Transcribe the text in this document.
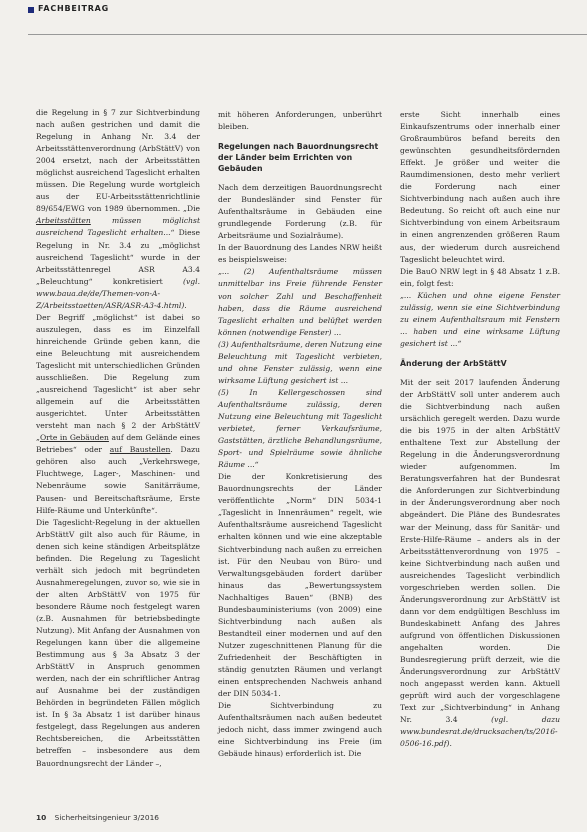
FACHBEITRAG

die Regelung in § 7 zur Sichtverbindung nach außen gestrichen und damit die Regelung in Anhang Nr. 3.4 der Arbeitsstättenverordnung (ArbStättV) von 2004 ersetzt, nach der Arbeitsstätten möglichst ausreichend Tageslicht erhalten müssen. Die Regelung wurde wortgleich aus der EU-Arbeitsstättenrichtlinie 89/654/EWG von 1989 übernommen. „Die Arbeitsstätten müssen möglichst ausreichend Tageslicht erhalten...“ Diese Regelung in Nr. 3.4 zu „möglichst ausreichend Tageslicht“ wurde in der Arbeitsstättenregel ASR A3.4 „Beleuchtung“ konkretisiert (vgl. www.baua.de/de/Themen-von-A-Z/Arbeitsstaetten/ASR/ASR-A3-4.html). Der Begriff „möglichst“ ist dabei so auszulegen, dass es im Einzelfall hinreichende Gründe geben kann, die eine Beleuchtung mit ausreichendem Tageslicht mit unterschiedlichen Gründen ausschließen. Die Regelung zum „ausreichend Tageslicht“ ist aber sehr allgemein auf die Arbeitsstätten ausgerichtet. Unter Arbeitsstätten versteht man nach § 2 der ArbStättV „Orte in Gebäuden auf dem Gelände eines Betriebes“ oder auf Baustellen. Dazu gehören also auch „Verkehrswege, Fluchtwege, Lager-, Maschinen- und Nebenräume sowie Sanitärräume, Pausen- und Bereitschaftsräume, Erste Hilfe-Räume und Unterkünfte“.

Die Tageslicht-Regelung in der aktuellen ArbStättV gilt also auch für Räume, in denen sich keine ständigen Arbeitsplätze befinden. Die Regelung zu Tageslicht verhält sich jedoch mit begründeten Ausnahmeregelungen, zuvor so, wie sie in der alten ArbStättV von 1975 für besondere Räume noch festgelegt waren (z.B. Ausnahmen für betriebsbedingte Nutzung). Mit Anfang der Ausnahmen von Regelungen kann über die allgemeine Bestimmung aus § 3a Absatz 3 der ArbStättV in Anspruch genommen werden, nach der ein schriftlicher Antrag auf Ausnahme bei der zuständigen Behörden in begründeten Fällen möglich ist. In § 3a Absatz 1 ist darüber hinaus festgelegt, dass Regelungen aus anderen Rechtsbereichen, die Arbeitsstätten betreffen – insbesondere aus dem Bauordnungsrecht der Länder –,

mit höheren Anforderungen, unberührt bleiben.

Regelungen nach Bauordnungsrecht der Länder beim Errichten von Gebäuden

Nach dem derzeitigen Bauordnungsrecht der Bundesländer sind Fenster für Aufenthaltsräume in Gebäuden eine grundlegende Forderung (z.B. für Arbeitsräume und Sozialräume).

In der Bauordnung des Landes NRW heißt es beispielsweise:

„... (2) Aufenthaltsräume müssen unmittelbar ins Freie führende Fenster von solcher Zahl und Beschaffenheit haben, dass die Räume ausreichend Tageslicht erhalten und belüftet werden können (notwendige Fenster) ...

(3) Aufenthaltsräume, deren Nutzung eine Beleuchtung mit Tageslicht verbieten, und ohne Fenster zulässig, wenn eine wirksame Lüftung gesichert ist ...

(5) In Kellergeschossen sind Aufenthaltsräume zulässig, deren Nutzung eine Beleuchtung mit Tageslicht verbietet, ferner Verkaufsräume, Gaststätten, ärztliche Behandlungsräume, Sport- und Spielräume sowie ähnliche Räume ...“

Die der Konkretisierung des Bauordnungsrechts der Länder veröffentlichte „Norm“ DIN 5034-1 „Tageslicht in Innenräumen“ regelt, wie Aufenthaltsräume ausreichend Tageslicht erhalten können und wie eine akzeptable Sichtverbindung nach außen zu erreichen ist. Für den Neubau von Büro- und Verwaltungsgebäuden fordert darüber hinaus das „Bewertungssystem Nachhaltiges Bauen“ (BNB) des Bundesbauministeriums (von 2009) eine Sichtverbindung nach außen als Bestandteil einer modernen und auf den Nutzer zugeschnittenen Planung für die Zufriedenheit der Beschäftigten in ständig genutzten Räumen und verlangt einen entsprechenden Nachweis anhand der DIN 5034-1.

Die Sichtverbindung zu Aufenthaltsräumen nach außen bedeutet jedoch nicht, dass immer zwingend auch eine Sichtverbindung ins Freie (im Gebäude hinaus) erforderlich ist. Die

erste Sicht innerhalb eines Einkaufszentrums oder innerhalb einer Großraumbüros befand bereits den gewünschten gesundheitsfördernden Effekt. Je größer und weiter die Raumdimensionen, desto mehr verliert die Forderung nach einer Sichtverbindung nach außen auch ihre Bedeutung. So reicht oft auch eine nur Sichtverbindung von einem Arbeitsraum in einen angrenzenden größeren Raum aus, der wiederum durch ausreichend Tageslicht beleuchtet wird.

Die BauO NRW legt in § 48 Absatz 1 z.B. ein, folgt fest:

„... Küchen und ohne eigene Fenster zulässig, wenn sie eine Sichtverbindung zu einem Aufenthaltsraum mit Fenstern ... haben und eine wirksame Lüftung gesichert ist ...“

Änderung der ArbStättV

Mit der seit 2017 laufenden Änderung der ArbStättV soll unter anderem auch die Sichtverbindung nach außen ursächlich geregelt werden. Dazu wurde die bis 1975 in der alten ArbStättV enthaltene Text zur Abstellung der Regelung in die Änderungsverordnung wieder aufgenommen. Im Beratungsverfahren hat der Bundesrat die Anforderungen zur Sichtverbindung in der Änderungsverordnung aber noch abgeändert. Die Pläne des Bundesrates war der Meinung, dass für Sanitär- und Erste-Hilfe-Räume – anders als in der Arbeitsstättenverordnung von 1975 – keine Sichtverbindung nach außen und ausreichendes Tageslicht verbindlich vorgeschrieben werden sollen. Die Änderungsverordnung zur ArbStättV ist dann vor dem endgültigen Beschluss im Bundeskabinett Anfang des Jahres aufgrund von öffentlichen Diskussionen angehalten worden. Die Bundesregierung prüft derzeit, wie die Änderungsverordnung zur ArbStättV noch angepasst werden kann. Aktuell geprüft wird auch der vorgeschlagene Text zur „Sichtverbindung“ in Anhang Nr. 3.4 (vgl. dazu www.bundesrat.de/drucksachen/ts/2016-0506-16.pdf).

10 Sicherheitsingenieur 3/2016
